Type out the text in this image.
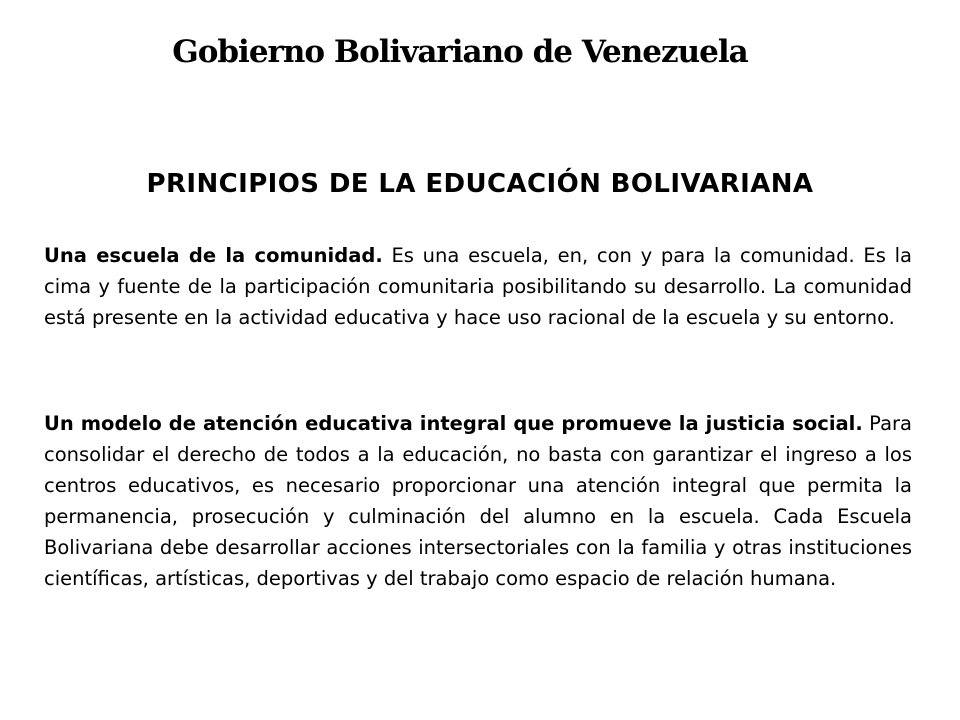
Gobierno Bolivariano de Venezuela
PRINCIPIOS DE LA EDUCACIÓN BOLIVARIANA

Una escuela de la comunidad. Es una escuela, en, con y para la comunidad. Es la cima y fuente de la participación comunitaria posibilitando su desarrollo. La comunidad está presente en la actividad educativa y hace uso racional de la escuela y su entorno.

Un modelo de atención educativa integral que promueve la justicia social. Para consolidar el derecho de todos a la educación, no basta con garantizar el ingreso a los centros educativos, es necesario proporcionar una atención integral que permita la permanencia, prosecución y culminación del alumno en la escuela. Cada Escuela Bolivariana debe desarrollar acciones intersectoriales con la familia y otras instituciones científicas, artísticas, deportivas y del trabajo como espacio de relación humana.
